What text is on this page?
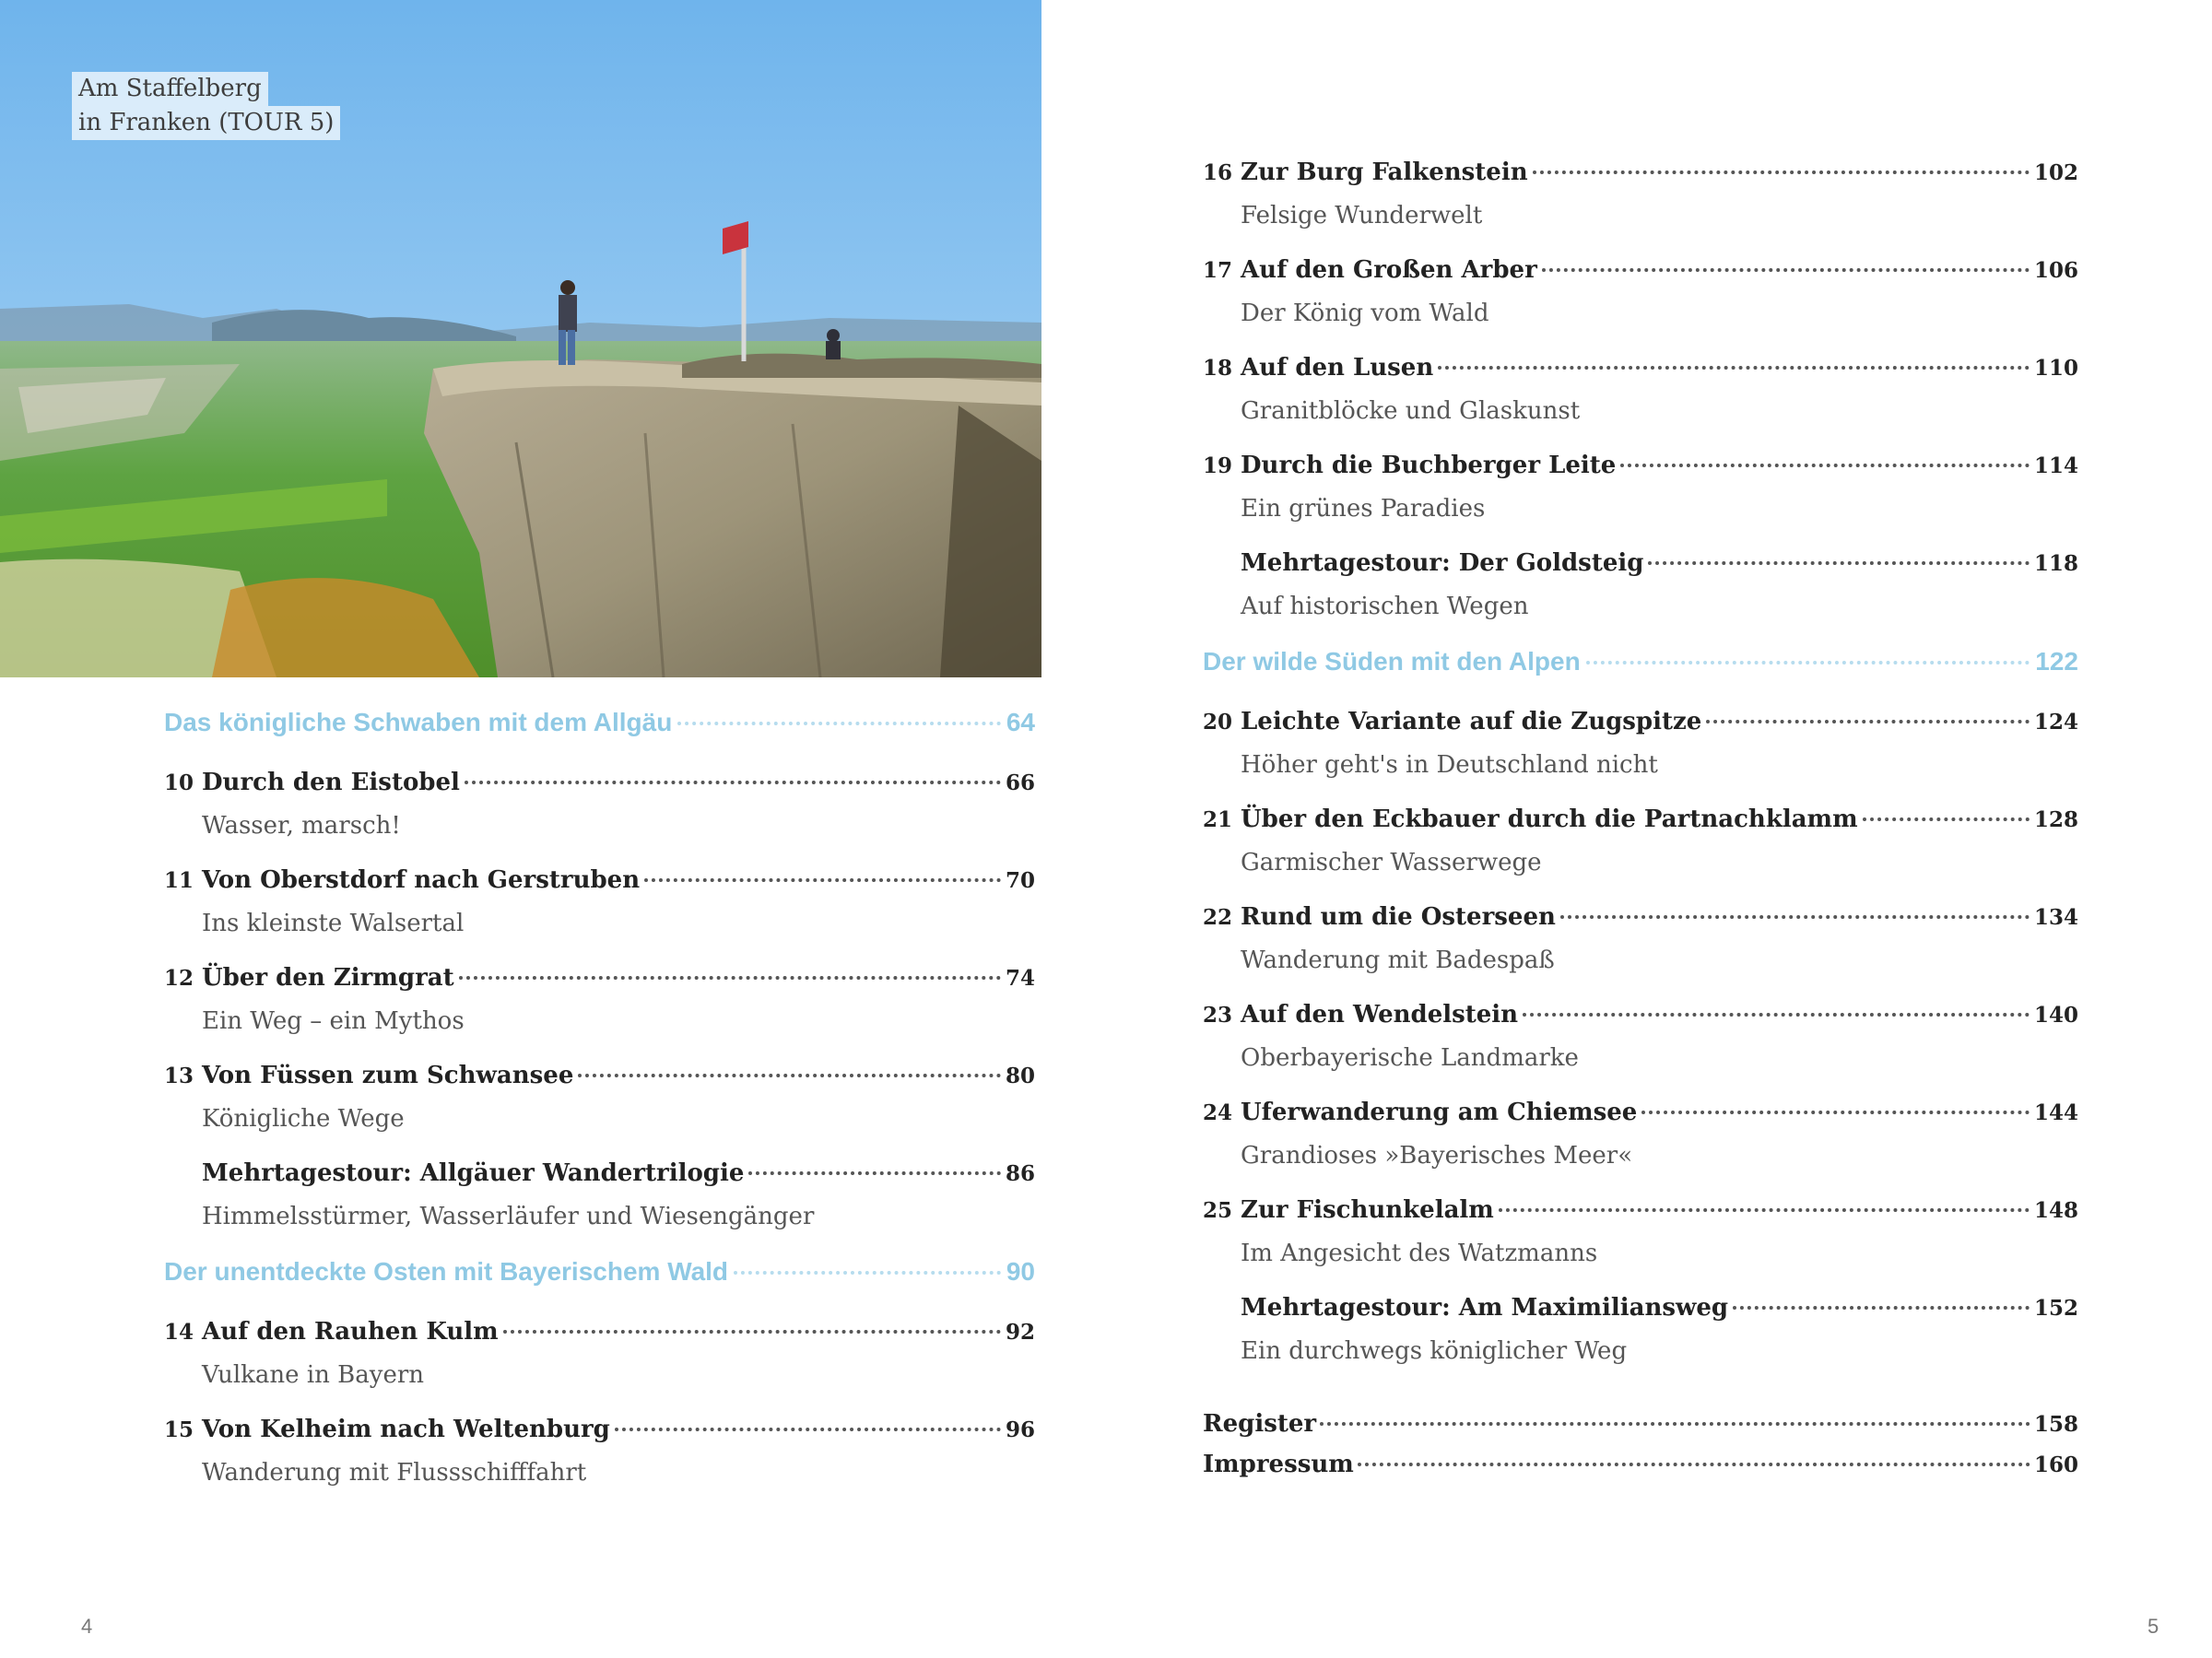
Am Staffelberg
in Franken (TOUR 5)
Das königliche Schwaben mit dem Allgäu	64
10 Durch den Eistobel	66
Wasser, marsch!
11 Von Oberstdorf nach Gerstruben	70
Ins kleinste Walsertal
12 Über den Zirmgrat	74
Ein Weg – ein Mythos
13 Von Füssen zum Schwansee	80
Königliche Wege
Mehrtagestour: Allgäuer Wandertrilogie	86
Himmelsstürmer, Wasserläufer und Wiesengänger
Der unentdeckte Osten mit Bayerischem Wald	90
14 Auf den Rauhen Kulm	92
Vulkane in Bayern
15 Von Kelheim nach Weltenburg	96
Wanderung mit Flussschifffahrt
16 Zur Burg Falkenstein	102
Felsige Wunderwelt
17 Auf den Großen Arber	106
Der König vom Wald
18 Auf den Lusen	110
Granitblöcke und Glaskunst
19 Durch die Buchberger Leite	114
Ein grünes Paradies
Mehrtagestour: Der Goldsteig	118
Auf historischen Wegen
Der wilde Süden mit den Alpen	122
20 Leichte Variante auf die Zugspitze	124
Höher geht's in Deutschland nicht
21 Über den Eckbauer durch die Partnachklamm	128
Garmischer Wasserwege
22 Rund um die Osterseen	134
Wanderung mit Badespaß
23 Auf den Wendelstein	140
Oberbayerische Landmarke
24 Uferwanderung am Chiemsee	144
Grandioses »Bayerisches Meer«
25 Zur Fischunkelalm	148
Im Angesicht des Watzmanns
Mehrtagestour: Am Maximiliansweg	152
Ein durchwegs königlicher Weg
Register	158
Impressum	160
4	5
